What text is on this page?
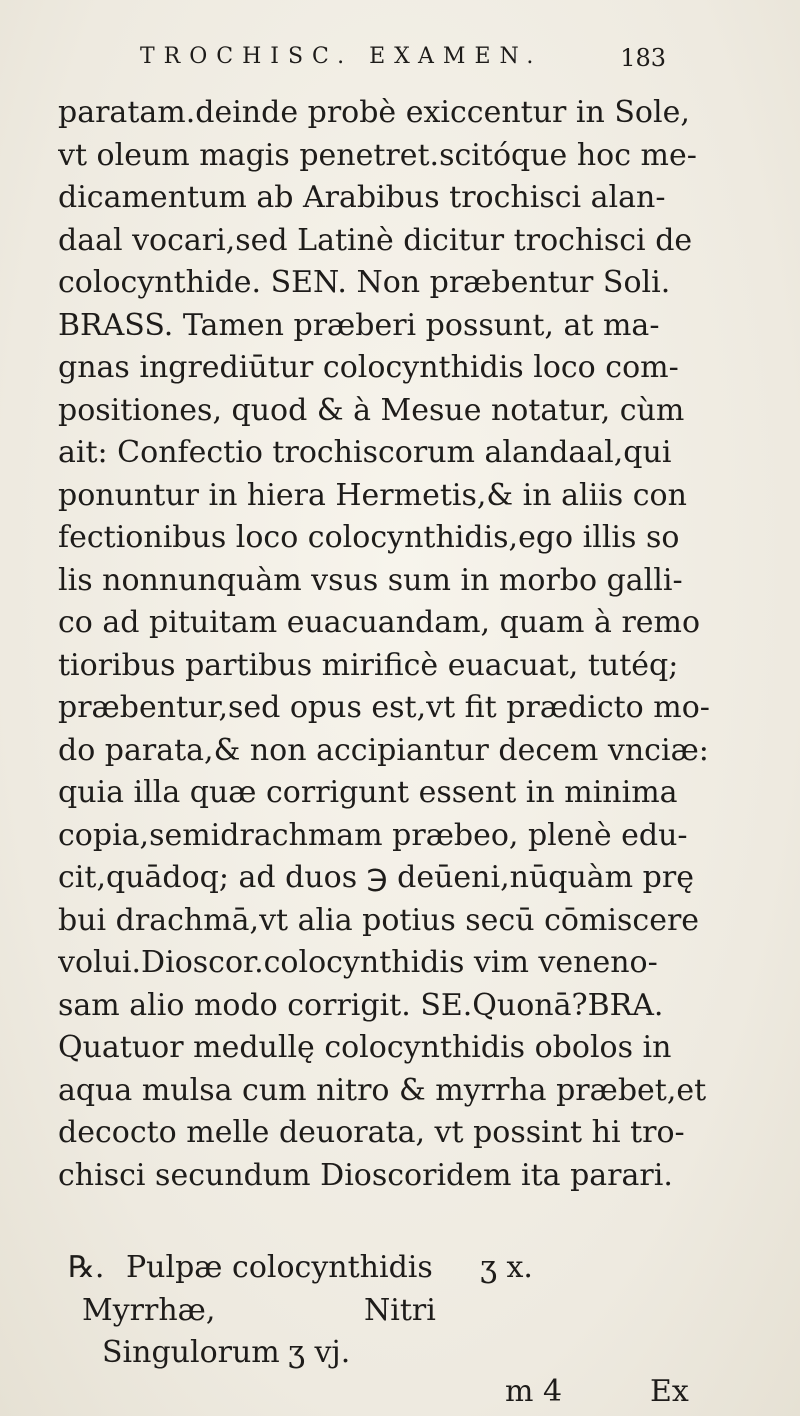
TROCHISC. EXAMEN.	183
paratam.deinde probè exiccentur in Sole,
vt oleum magis penetret.scitóque hoc me-
dicamentum ab Arabibus trochisci alan-
daal vocari,sed Latinè dicitur trochisci de
colocynthide. SEN. Non præbentur Soli.
BRASS. Tamen præberi possunt, at ma-
gnas ingrediūtur colocynthidis loco com-
positiones, quod & à Mesue notatur, cùm
ait: Confectio trochiscorum alandaal,qui
ponuntur in hiera Hermetis,& in aliis con
fectionibus loco colocynthidis,ego illis so
lis nonnunquàm vsus sum in morbo galli-
co ad pituitam euacuandam, quam à remo
tioribus partibus mirificè euacuat, tutéq;
præbentur,sed opus est,vt fit prædicto mo-
do parata,& non accipiantur decem vnciæ:
quia illa quæ corrigunt essent in minima
copia,semidrachmam præbeo, plenè edu-
cit,quādoq; ad duos ℈ deūeni,nūquàm prę
bui drachmā,vt alia potius secū cōmiscere
volui.Dioscor.colocynthidis vim veneno-
sam alio modo corrigit. SE.Quonā?BRA.
Quatuor medullę colocynthidis obolos in
aqua mulsa cum nitro & myrrha præbet,et
decocto melle deuorata, vt possint hi tro-
chisci secundum Dioscoridem ita parari.
℞. Pulpæ colocynthidis ʒ x.
Myrrhæ,	Nitri
Singulorum ʒ vj.
m 4	Ex
